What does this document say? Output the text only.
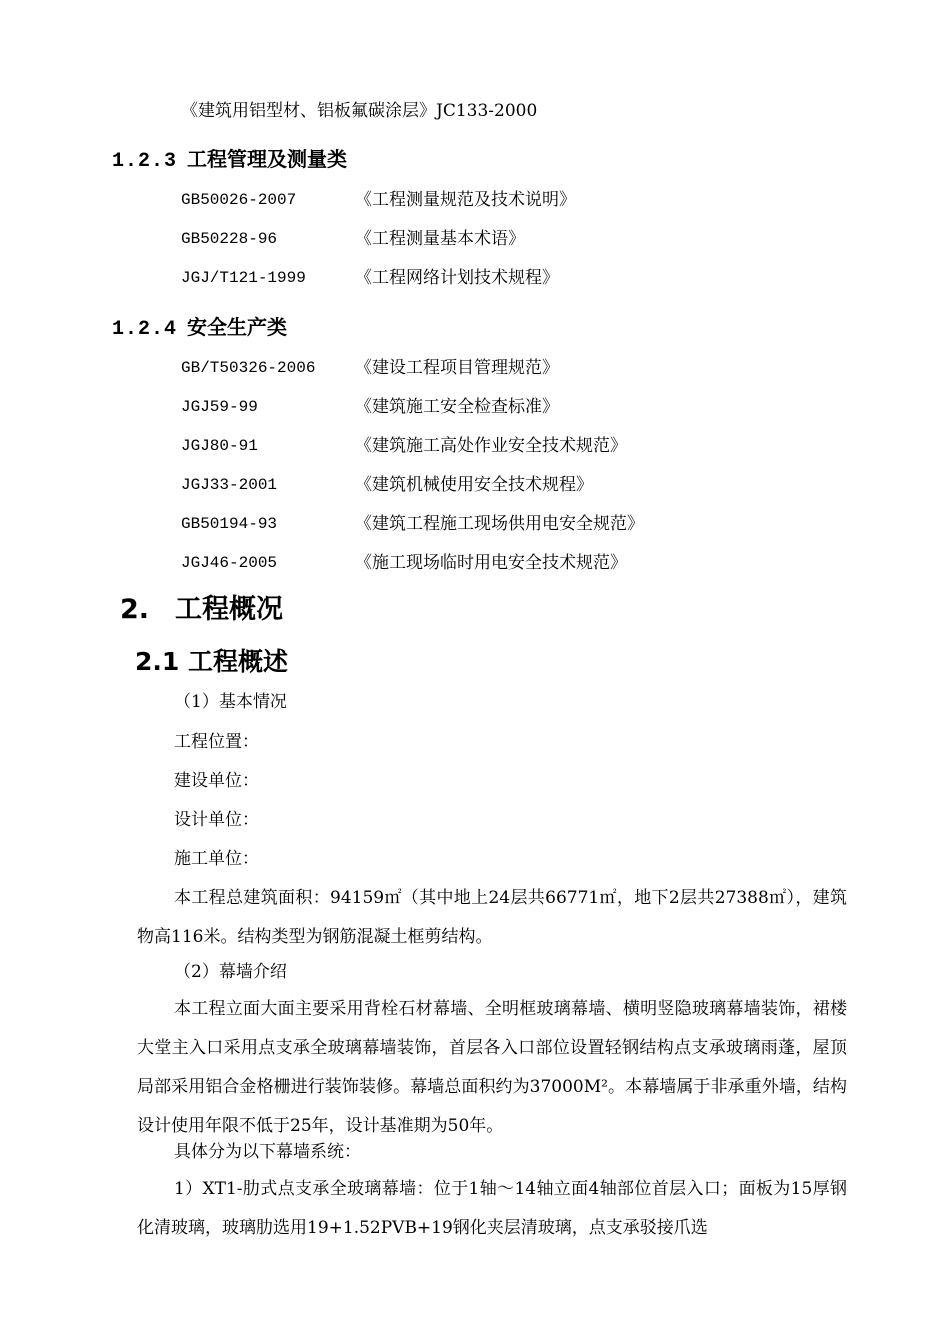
《建筑用铝型材、铝板氟碳涂层》JC133-2000
1.2.3 工程管理及测量类
GB50026-2007	《工程测量规范及技术说明》
GB50228-96	《工程测量基本术语》
JGJ/T121-1999	《工程网络计划技术规程》
1.2.4 安全生产类
GB/T50326-2006 《建设工程项目管理规范》
JGJ59-99	《建筑施工安全检查标准》
JGJ80-91	《建筑施工高处作业安全技术规范》
JGJ33-2001	《建筑机械使用安全技术规程》
GB50194-93	《建筑工程施工现场供用电安全规范》
JGJ46-2005	《施工现场临时用电安全技术规范》
2. 工程概况
2.1 工程概述
（1）基本情况
工程位置：
建设单位：
设计单位：
施工单位：
本工程总建筑面积：94159㎡（其中地上24层共66771㎡，地下2层共27388㎡），建筑物高116米。结构类型为钢筋混凝土框剪结构。
（2）幕墙介绍
本工程立面大面主要采用背栓石材幕墙、全明框玻璃幕墙、横明竖隐玻璃幕墙装饰，裙楼大堂主入口采用点支承全玻璃幕墙装饰，首层各入口部位设置轻钢结构点支承玻璃雨蓬，屋顶局部采用铝合金格栅进行装饰装修。幕墙总面积约为37000M²。本幕墙属于非承重外墙，结构设计使用年限不低于25年，设计基准期为50年。
具体分为以下幕墙系统：
1）XT1-肋式点支承全玻璃幕墙：位于1轴～14轴立面4轴部位首层入口；面板为15厚钢化清玻璃，玻璃肋选用19+1.52PVB+19钢化夹层清玻璃，点支承驳接爪选
